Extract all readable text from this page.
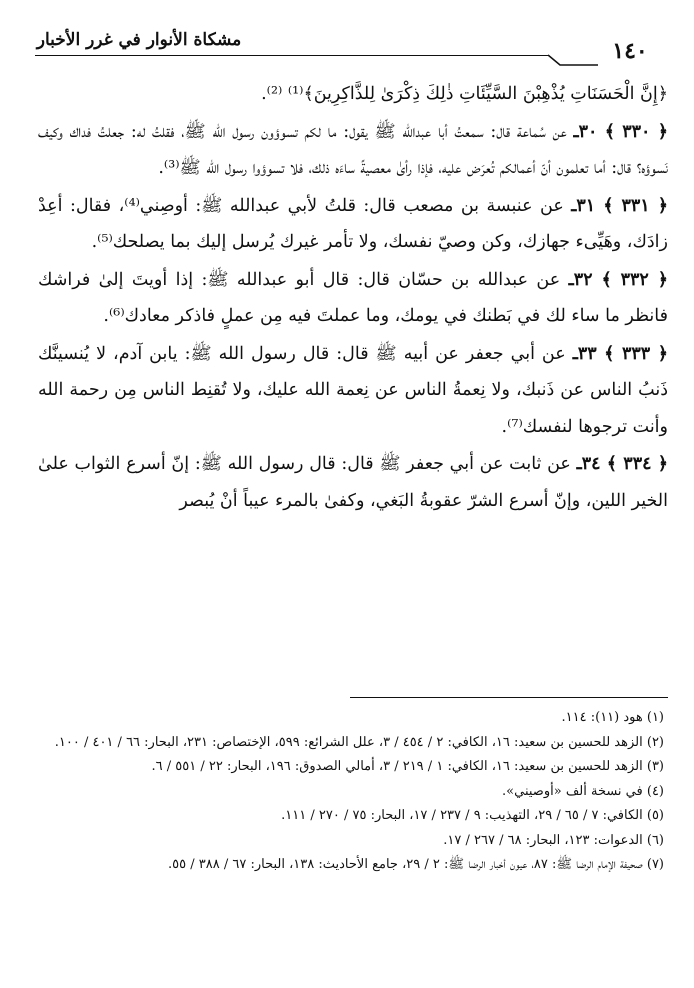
مشكاة الأنوار في غرر الأخبار	١٤٠

﴿إِنَّ الْحَسَنَاتِ يُذْهِبْنَ السَّيِّئَاتِ ذٰلِكَ ذِكْرَىٰ لِلذَّاكِرِينَ﴾⁽¹⁾ ⁽²⁾.

﴿ ٣٣٠ ﴾ ٣٠ـ عن سُماعة قال: سمعتُ أبا عبدالله ﷺ يقول: ما لكم تسوؤون رسول الله ﷺ، فقلتُ له: جعلتُ فداك وكيف نَسوؤه؟ قال: أما تعلمون أنّ أعمالكم تُعرَض عليه، فإذا رأىٰ معصيةً ساءَه ذلك، فلا تسوؤوا رسول الله ﷺ⁽³⁾.

﴿ ٣٣١ ﴾ ٣١ـ عن عنبسة بن مصعب قال: قلتُ لأبي عبدالله ﷺ: أوصِني⁽⁴⁾، فقال: أعِدْ زادَك، وهَيِّىء جهازك، وكن وصيّ نفسك، ولا تأمر غيرك يُرسل إليك بما يصلحك⁽⁵⁾.

﴿ ٣٣٢ ﴾ ٣٢ـ عن عبدالله بن حسّان قال: قال أبو عبدالله ﷺ: إذا أويتَ إلىٰ فراشك فانظر ما ساء لك في بَطنك في يومك، وما عملتَ فيه مِن عملٍ فاذكر معادك⁽⁶⁾.

﴿ ٣٣٣ ﴾ ٣٣ـ عن أبي جعفر عن أبيه ﷺ قال: قال رسول الله ﷺ: يابن آدم، لا يُنسينَّك ذَنبُ الناس عن ذَنبك، ولا نِعمةُ الناس عن نِعمة الله عليك، ولا تُقنِط الناس مِن رحمة الله وأنت ترجوها لنفسك⁽⁷⁾.

﴿ ٣٣٤ ﴾ ٣٤ـ عن ثابت عن أبي جعفر ﷺ قال: قال رسول الله ﷺ: إنّ أسرع الثواب علىٰ الخير اللين، وإنّ أسرع الشرّ عقوبةُ البَغي، وكفىٰ بالمرء عيباً أنْ يُبصر

(١) هود (١١): ١١٤.

(٢) الزهد للحسين بن سعيد: ١٦، الكافي: ٢ / ٤٥٤ / ٣، علل الشرائع: ٥٩٩، الإختصاص: ٢٣١، البحار: ٦٦ / ٤٠١ / ١٠٠.

(٣) الزهد للحسين بن سعيد: ١٦، الكافي: ١ / ٢١٩ / ٣، أمالي الصدوق: ١٩٦، البحار: ٢٢ / ٥٥١ / ٦.

(٤) في نسخة ألف «أوصيني».

(٥) الكافي: ٧ / ٦٥ / ٢٩، التهذيب: ٩ / ٢٣٧ / ١٧، البحار: ٧٥ / ٢٧٠ / ١١١.

(٦) الدعوات: ١٢٣، البحار: ٦٨ / ٢٦٧ / ١٧.

(٧) صحيفة الإمام الرضا ﷺ: ٨٧، عيون أخبار الرضا ﷺ: ٢ / ٢٩، جامع الأحاديث: ١٣٨، البحار: ٦٧ / ٣٨٨ / ٥٥.
